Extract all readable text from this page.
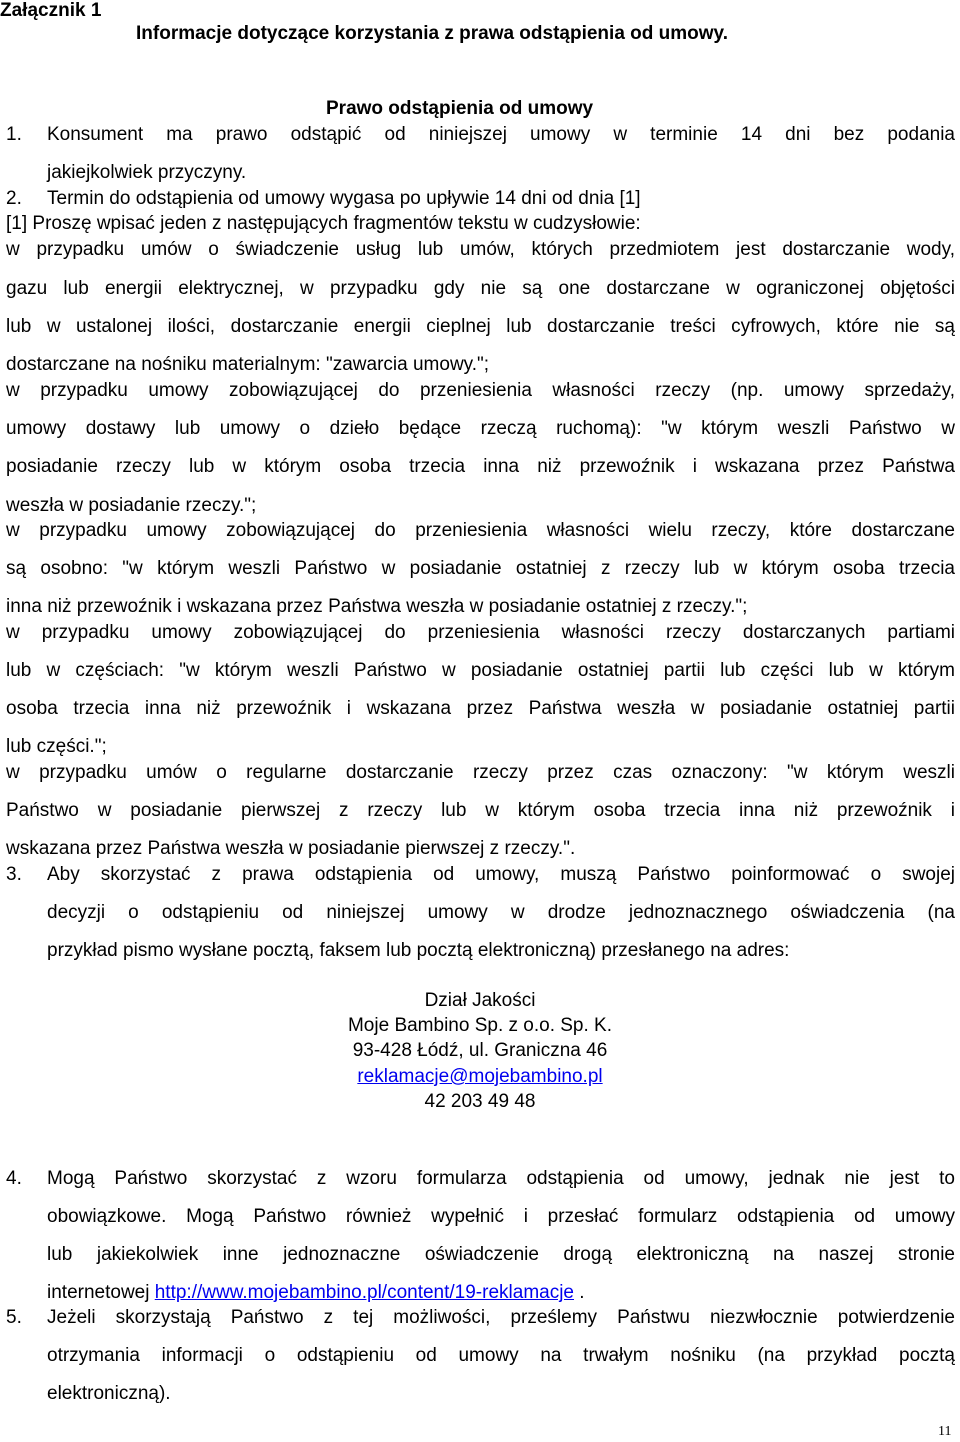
Załącznik 1
Informacje dotyczące korzystania z prawa odstąpienia od umowy.
Prawo odstąpienia od umowy
1. Konsument ma prawo odstąpić od niniejszej umowy w terminie 14 dni bez podania
jakiejkolwiek przyczyny.
2. Termin do odstąpienia od umowy wygasa po upływie 14 dni od dnia [1]
[1] Proszę wpisać jeden z następujących fragmentów tekstu w cudzysłowie:
w przypadku umów o świadczenie usług lub umów, których przedmiotem jest dostarczanie wody,
gazu lub energii elektrycznej, w przypadku gdy nie są one dostarczane w ograniczonej objętości
lub w ustalonej ilości, dostarczanie energii cieplnej lub dostarczanie treści cyfrowych, które nie są
dostarczane na nośniku materialnym: "zawarcia umowy.";
w przypadku umowy zobowiązującej do przeniesienia własności rzeczy (np. umowy sprzedaży,
umowy dostawy lub umowy o dzieło będące rzeczą ruchomą): "w którym weszli Państwo w
posiadanie rzeczy lub w którym osoba trzecia inna niż przewoźnik i wskazana przez Państwa
weszła w posiadanie rzeczy.";
w przypadku umowy zobowiązującej do przeniesienia własności wielu rzeczy, które dostarczane
są osobno: "w którym weszli Państwo w posiadanie ostatniej z rzeczy lub w którym osoba trzecia
inna niż przewoźnik i wskazana przez Państwa weszła w posiadanie ostatniej z rzeczy.";
w przypadku umowy zobowiązującej do przeniesienia własności rzeczy dostarczanych partiami
lub w częściach: "w którym weszli Państwo w posiadanie ostatniej partii lub części lub w którym
osoba trzecia inna niż przewoźnik i wskazana przez Państwa weszła w posiadanie ostatniej partii
lub części.";
w przypadku umów o regularne dostarczanie rzeczy przez czas oznaczony: "w którym weszli
Państwo w posiadanie pierwszej z rzeczy lub w którym osoba trzecia inna niż przewoźnik i
wskazana przez Państwa weszła w posiadanie pierwszej z rzeczy.".
3. Aby skorzystać z prawa odstąpienia od umowy, muszą Państwo poinformować o swojej
decyzji o odstąpieniu od niniejszej umowy w drodze jednoznacznego oświadczenia (na
przykład pismo wysłane pocztą, faksem lub pocztą elektroniczną) przesłanego na adres:
Dział Jakości
Moje Bambino Sp. z o.o. Sp. K.
93-428 Łódź, ul. Graniczna 46
reklamacje@mojebambino.pl
42 203 49 48
4. Mogą Państwo skorzystać z wzoru formularza odstąpienia od umowy, jednak nie jest to
obowiązkowe. Mogą Państwo również wypełnić i przesłać formularz odstąpienia od umowy
lub jakiekolwiek inne jednoznaczne oświadczenie drogą elektroniczną na naszej stronie
internetowej http://www.mojebambino.pl/content/19-reklamacje .
5. Jeżeli skorzystają Państwo z tej możliwości, prześlemy Państwu niezwłocznie potwierdzenie
otrzymania informacji o odstąpieniu od umowy na trwałym nośniku (na przykład pocztą
elektroniczną).
11
